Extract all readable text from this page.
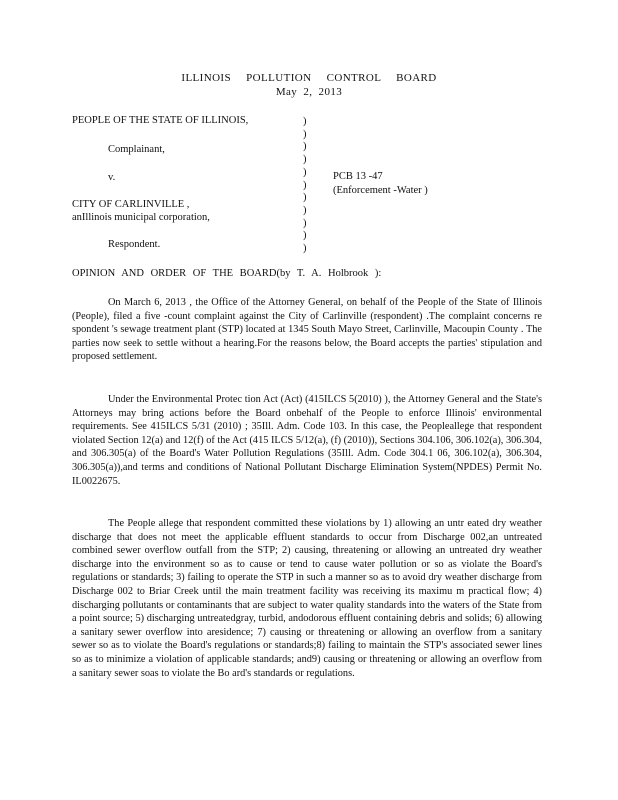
ILLINOIS POLLUTION CONTROL BOARD
May 2, 2013
PEOPLE OF THE STATE OF ILLINOIS,
Complainant,
v.
CITY OF CARLINVILLE ,
anIllinois municipal corporation,
Respondent.
)
)
)
)
)
)
)
)
)
)
)
PCB 13 -47
(Enforcement -Water )
OPINION AND ORDER OF THE BOARD(by T. A. Holbrook ):

On March 6, 2013 , the Office of the Attorney General, on behalf of the People of the State of Illinois (People), filed a five -count complaint against the City of Carlinville (respondent) .The complaint concerns re spondent 's sewage treatment plant (STP) located at 1345 South Mayo Street, Carlinville, Macoupin County . The parties now seek to settle without a hearing.For the reasons below, the Board accepts the parties' stipulation and proposed settlement.

Under the Environmental Protec tion Act (Act) (415ILCS 5(2010) ), the Attorney General and the State's Attorneys may bring actions before the Board onbehalf of the People to enforce Illinois' environmental requirements. See 415ILCS 5/31 (2010) ; 35Ill. Adm. Code 103. In this case, the Peopleallege that respondent violated Section 12(a) and 12(f) of the Act (415 ILCS 5/12(a), (f) (2010)), Sections 304.106, 306.102(a), 306.304, and 306.305(a) of the Board's Water Pollution Regulations (35Ill. Adm. Code 304.1 06, 306.102(a), 306.304, 306.305(a)),and terms and conditions of National Pollutant Discharge Elimination System(NPDES) Permit No. IL0022675.

The People allege that respondent committed these violations by 1) allowing an untr eated dry weather discharge that does not meet the applicable effluent standards to occur from Discharge 002,an untreated combined sewer overflow outfall from the STP; 2) causing, threatening or allowing an untreated dry weather discharge into the environment so as to cause or tend to cause water pollution or so as violate the Board's regulations or standards; 3) failing to operate the STP in such a manner so as to avoid dry weather discharge from Discharge 002 to Briar Creek until the main treatment facility was receiving its maximu m practical flow; 4) discharging pollutants or contaminants that are subject to water quality standards into the waters of the State from a point source; 5) discharging untreatedgray, turbid, andodorous effluent containing debris and solids; 6) allowing a sanitary sewer overflow into aresidence; 7) causing or threatening or allowing an overflow from a sanitary sewer so as to violate the Board's regulations or standards;8) failing to maintain the STP's associated sewer lines so as to minimize a violation of applicable standards; and9) causing or threatening or allowing an overflow from a sanitary sewer soas to violate the Bo ard's standards or regulations.
